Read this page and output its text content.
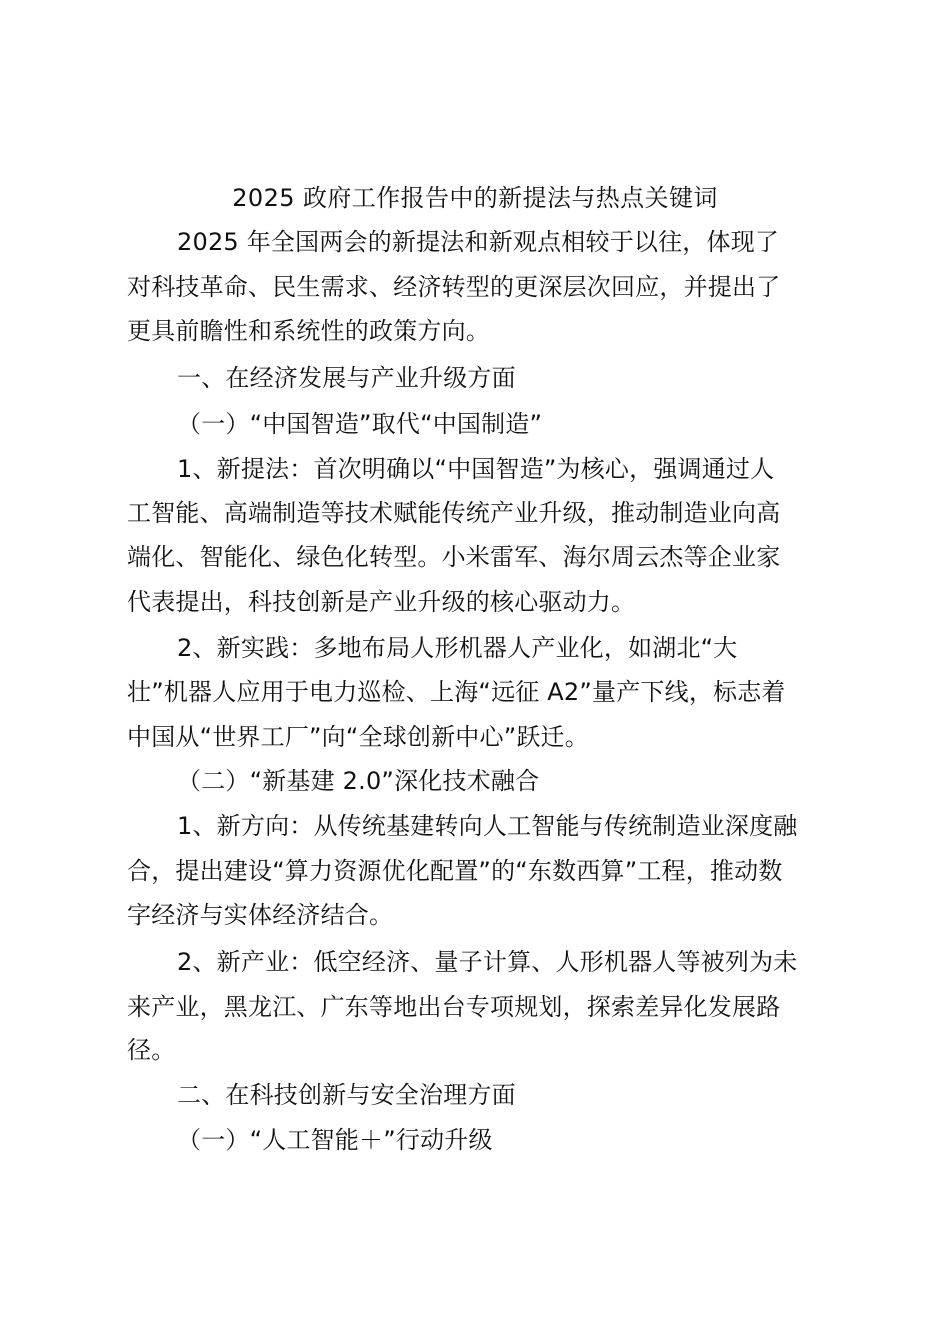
2025 政府工作报告中的新提法与热点关键词
2025 年全国两会的新提法和新观点相较于以往，体现了
对科技革命、民生需求、经济转型的更深层次回应，并提出了
更具前瞻性和系统性的政策方向。
一、在经济发展与产业升级方面
（一）“中国智造”取代“中国制造”
1、新提法：首次明确以“中国智造”为核心，强调通过人
工智能、高端制造等技术赋能传统产业升级，推动制造业向高
端化、智能化、绿色化转型。小米雷军、海尔周云杰等企业家
代表提出，科技创新是产业升级的核心驱动力。
2、新实践：多地布局人形机器人产业化，如湖北“大
壮”机器人应用于电力巡检、上海“远征 A2”量产下线，标志着
中国从“世界工厂”向“全球创新中心”跃迁。
（二）“新基建 2.0”深化技术融合
1、新方向：从传统基建转向人工智能与传统制造业深度融
合，提出建设“算力资源优化配置”的“东数西算”工程，推动数
字经济与实体经济结合。
2、新产业：低空经济、量子计算、人形机器人等被列为未
来产业，黑龙江、广东等地出台专项规划，探索差异化发展路
径。
二、在科技创新与安全治理方面
（一）“人工智能＋”行动升级
